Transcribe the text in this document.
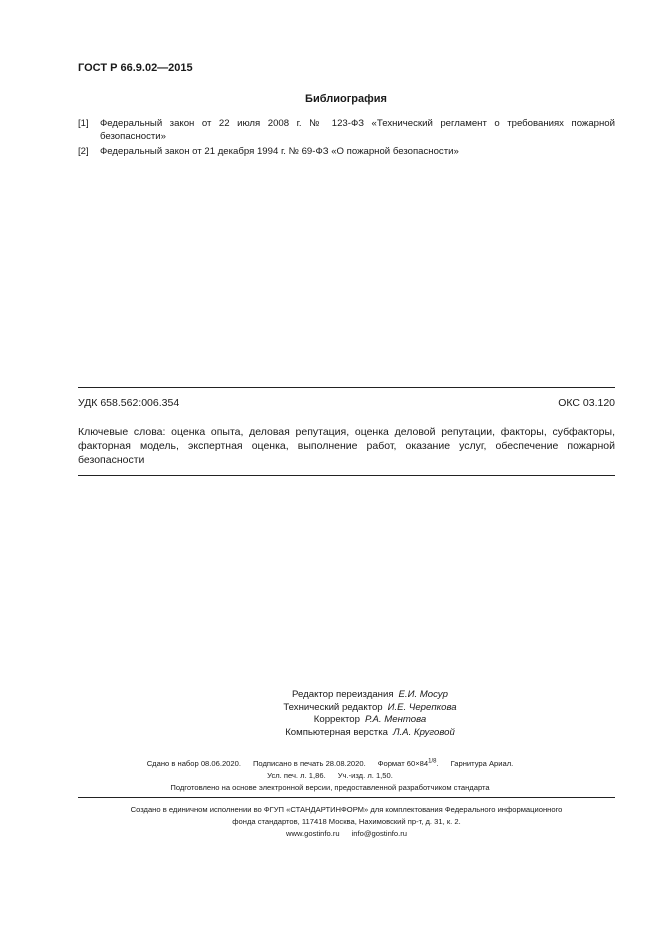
ГОСТ Р 66.9.02—2015
Библиография
[1]	Федеральный закон от 22 июля 2008 г. № 123-ФЗ «Технический регламент о требованиях пожарной безопасности»
[2]	Федеральный закон от 21 декабря 1994 г. № 69-ФЗ «О пожарной безопасности»
УДК 658.562:006.354	ОКС 03.120
Ключевые слова: оценка опыта, деловая репутация, оценка деловой репутации, факторы, субфакторы, факторная модель, экспертная оценка, выполнение работ, оказание услуг, обеспечение пожарной безопасности
Редактор переиздания Е.И. Мосур
Технический редактор И.Е. Черепкова
Корректор Р.А. Ментова
Компьютерная верстка Л.А. Круговой
Сдано в набор 08.06.2020. Подписано в печать 28.08.2020. Формат $60\times 84^{1/8}$. Гарнитура Ариал.
Усл. печ. л. 1,86. Уч.-изд. л. 1,50.
Подготовлено на основе электронной версии, предоставленной разработчиком стандарта
Создано в единичном исполнении во ФГУП «СТАНДАРТИНФОРМ» для комплектования Федерального информационного
фонда стандартов, 117418 Москва, Нахимовский пр-т, д. 31, к. 2.
www.gostinfo.ru info@gostinfo.ru
